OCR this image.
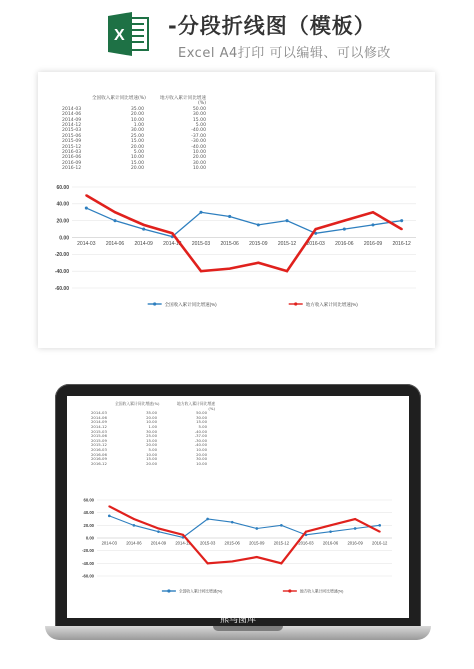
X -分段折线图（模板）
Excel A4打印 可以编辑、可以修改
全国收入累计同比增速(%)	地方收入累计同比增速(%)
2014-03	35.00	50.00
2014-06	20.00	30.00
2014-09	10.00	15.00
2014-12	1.00	5.00
2015-03	30.00	-40.00
2015-06	25.00	-37.00
2015-09	15.00	-30.00
2015-12	20.00	-40.00
2016-03	5.00	10.00
2016-06	10.00	20.00
2016-09	15.00	30.00
2016-12	20.00	10.00
60.00
40.00
20.00
0.00
-20.00
-40.00
-60.00
2014-03 2014-06 2014-09 2014-12 2015-03 2015-06 2015-09 2015-12 2016-03 2016-06 2016-09 2016-12
全国收入累计同比增速(%)	地方收入累计同比增速(%)
全国收入累计同比增速(%)	地方收入累计同比增速(%)
2014-03	35.00	50.00
2014-06	20.00	30.00
2014-09	10.00	15.00
2014-12	1.00	5.00
2015-03	30.00	-40.00
2015-06	25.00	-37.00
2015-09	15.00	-30.00
2015-12	20.00	-40.00
2016-03	5.00	10.00
2016-06	10.00	20.00
2016-09	15.00	30.00
2016-12	20.00	10.00
60.00
40.00
20.00
0.00
-20.00
-40.00
-60.00
2014-03 2014-06 2014-09 2014-12 2015-03 2015-06 2015-09 2015-12 2016-03 2016-06 2016-09 2016-12
全国收入累计同比增速(%)	地方收入累计同比增速(%)
熊鸟图库
